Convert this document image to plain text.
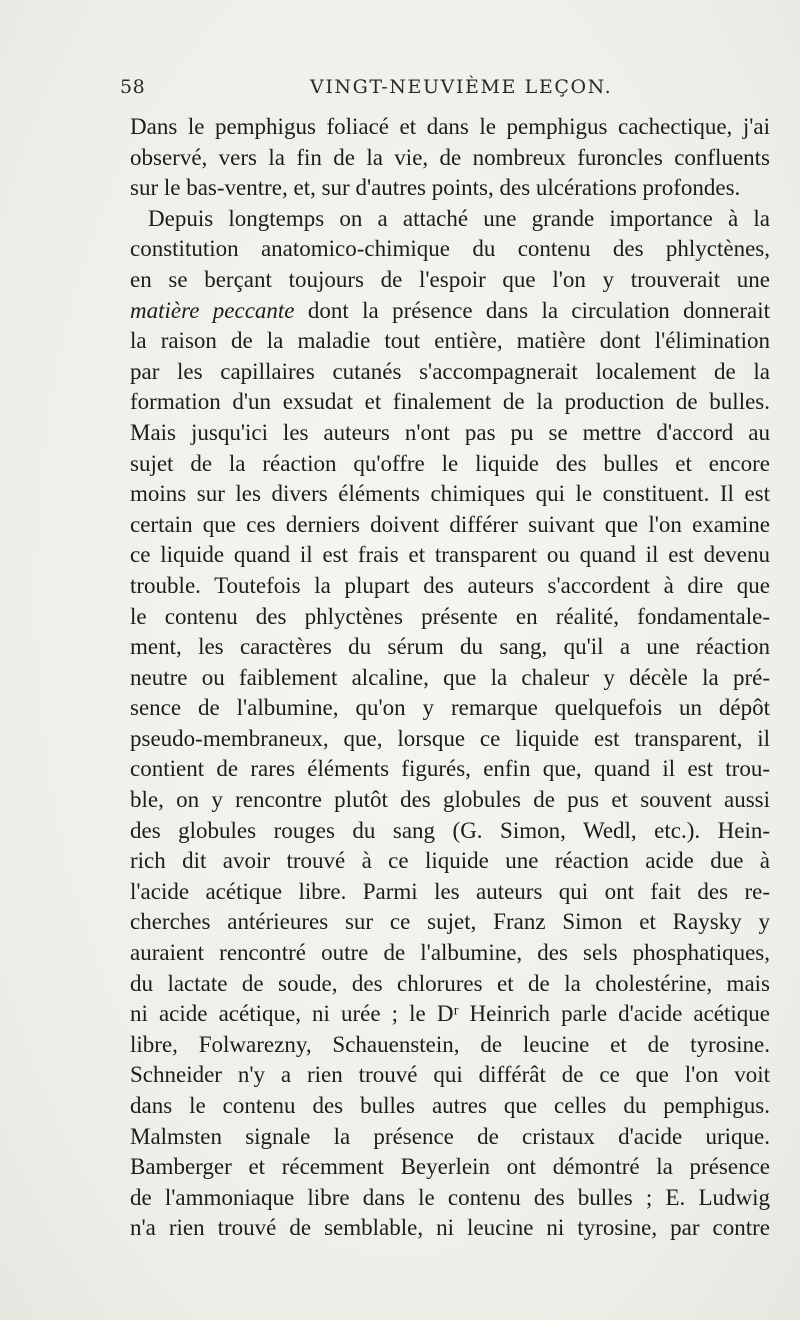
58	VINGT-NEUVIÈME LEÇON.
Dans le pemphigus foliacé et dans le pemphigus cachectique, j'ai
observé, vers la fin de la vie, de nombreux furoncles confluents
sur le bas-ventre, et, sur d'autres points, des ulcérations profondes.
Depuis longtemps on a attaché une grande importance à la
constitution anatomico-chimique du contenu des phlyctènes,
en se berçant toujours de l'espoir que l'on y trouverait une
matière peccante dont la présence dans la circulation donnerait
la raison de la maladie tout entière, matière dont l'élimination
par les capillaires cutanés s'accompagnerait localement de la
formation d'un exsudat et finalement de la production de bulles.
Mais jusqu'ici les auteurs n'ont pas pu se mettre d'accord au
sujet de la réaction qu'offre le liquide des bulles et encore
moins sur les divers éléments chimiques qui le constituent. Il est
certain que ces derniers doivent différer suivant que l'on examine
ce liquide quand il est frais et transparent ou quand il est devenu
trouble. Toutefois la plupart des auteurs s'accordent à dire que
le contenu des phlyctènes présente en réalité, fondamentale-
ment, les caractères du sérum du sang, qu'il a une réaction
neutre ou faiblement alcaline, que la chaleur y décèle la pré-
sence de l'albumine, qu'on y remarque quelquefois un dépôt
pseudo-membraneux, que, lorsque ce liquide est transparent, il
contient de rares éléments figurés, enfin que, quand il est trou-
ble, on y rencontre plutôt des globules de pus et souvent aussi
des globules rouges du sang (G. Simon, Wedl, etc.). Hein-
rich dit avoir trouvé à ce liquide une réaction acide due à
l'acide acétique libre. Parmi les auteurs qui ont fait des re-
cherches antérieures sur ce sujet, Franz Simon et Raysky y
auraient rencontré outre de l'albumine, des sels phosphatiques,
du lactate de soude, des chlorures et de la cholestérine, mais
ni acide acétique, ni urée ; le Dʳ Heinrich parle d'acide acétique
libre, Folwarezny, Schauenstein, de leucine et de tyrosine.
Schneider n'y a rien trouvé qui différât de ce que l'on voit
dans le contenu des bulles autres que celles du pemphigus.
Malmsten signale la présence de cristaux d'acide urique.
Bamberger et récemment Beyerlein ont démontré la présence
de l'ammoniaque libre dans le contenu des bulles ; E. Ludwig
n'a rien trouvé de semblable, ni leucine ni tyrosine, par contre
